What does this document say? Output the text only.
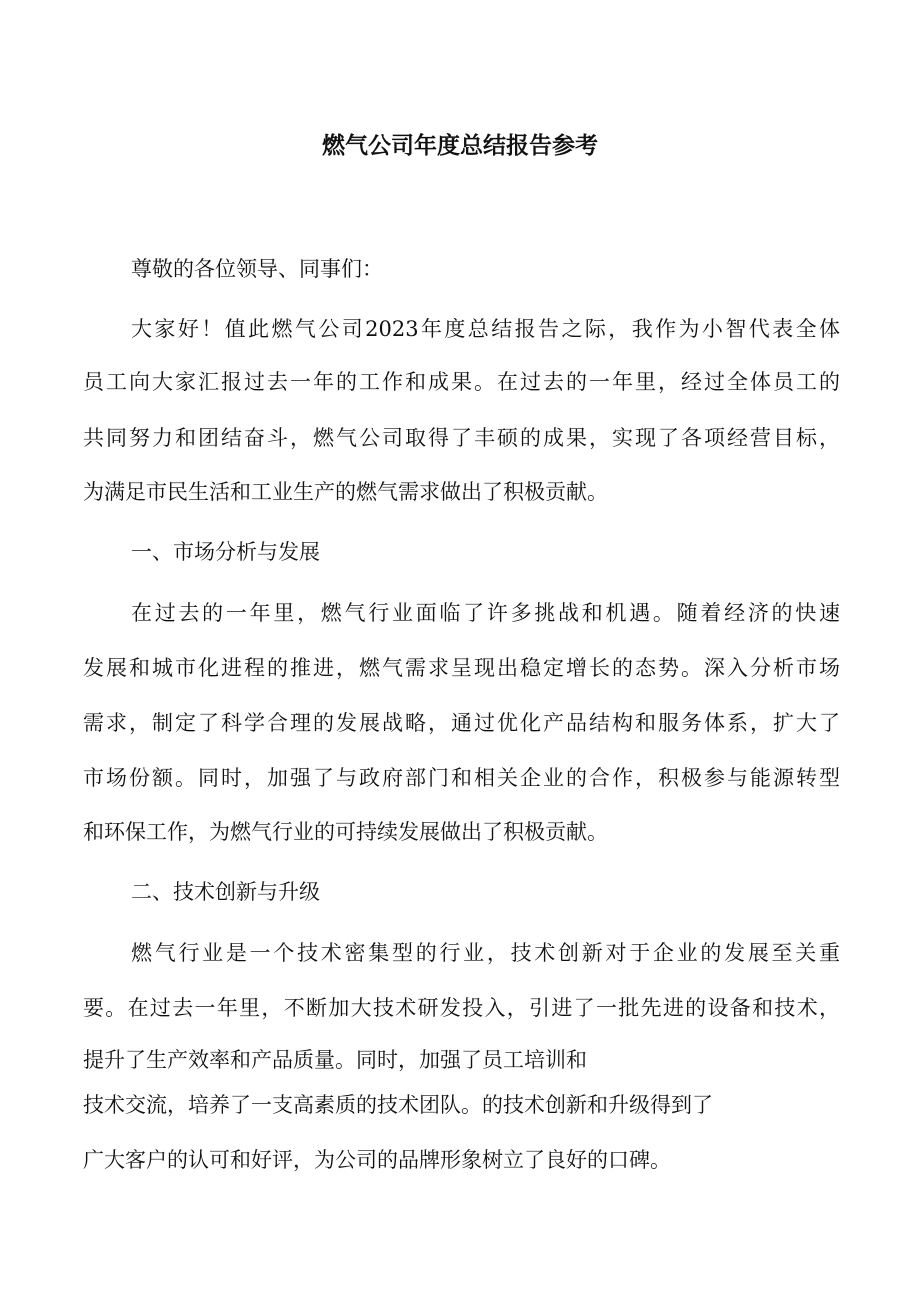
燃气公司年度总结报告参考
尊敬的各位领导、同事们：
大家好！值此燃气公司2023年度总结报告之际，我作为小智代表全体
员工向大家汇报过去一年的工作和成果。在过去的一年里，经过全体员工的
共同努力和团结奋斗，燃气公司取得了丰硕的成果，实现了各项经营目标，
为满足市民生活和工业生产的燃气需求做出了积极贡献。
一、市场分析与发展
在过去的一年里，燃气行业面临了许多挑战和机遇。随着经济的快速
发展和城市化进程的推进，燃气需求呈现出稳定增长的态势。深入分析市场
需求，制定了科学合理的发展战略，通过优化产品结构和服务体系，扩大了
市场份额。同时，加强了与政府部门和相关企业的合作，积极参与能源转型
和环保工作，为燃气行业的可持续发展做出了积极贡献。
二、技术创新与升级
燃气行业是一个技术密集型的行业，技术创新对于企业的发展至关重
要。在过去一年里，不断加大技术研发投入，引进了一批先进的设备和技术，
提升了生产效率和产品质量。同时，加强了员工培训和
技术交流，培养了一支高素质的技术团队。的技术创新和升级得到了
广大客户的认可和好评，为公司的品牌形象树立了良好的口碑。
